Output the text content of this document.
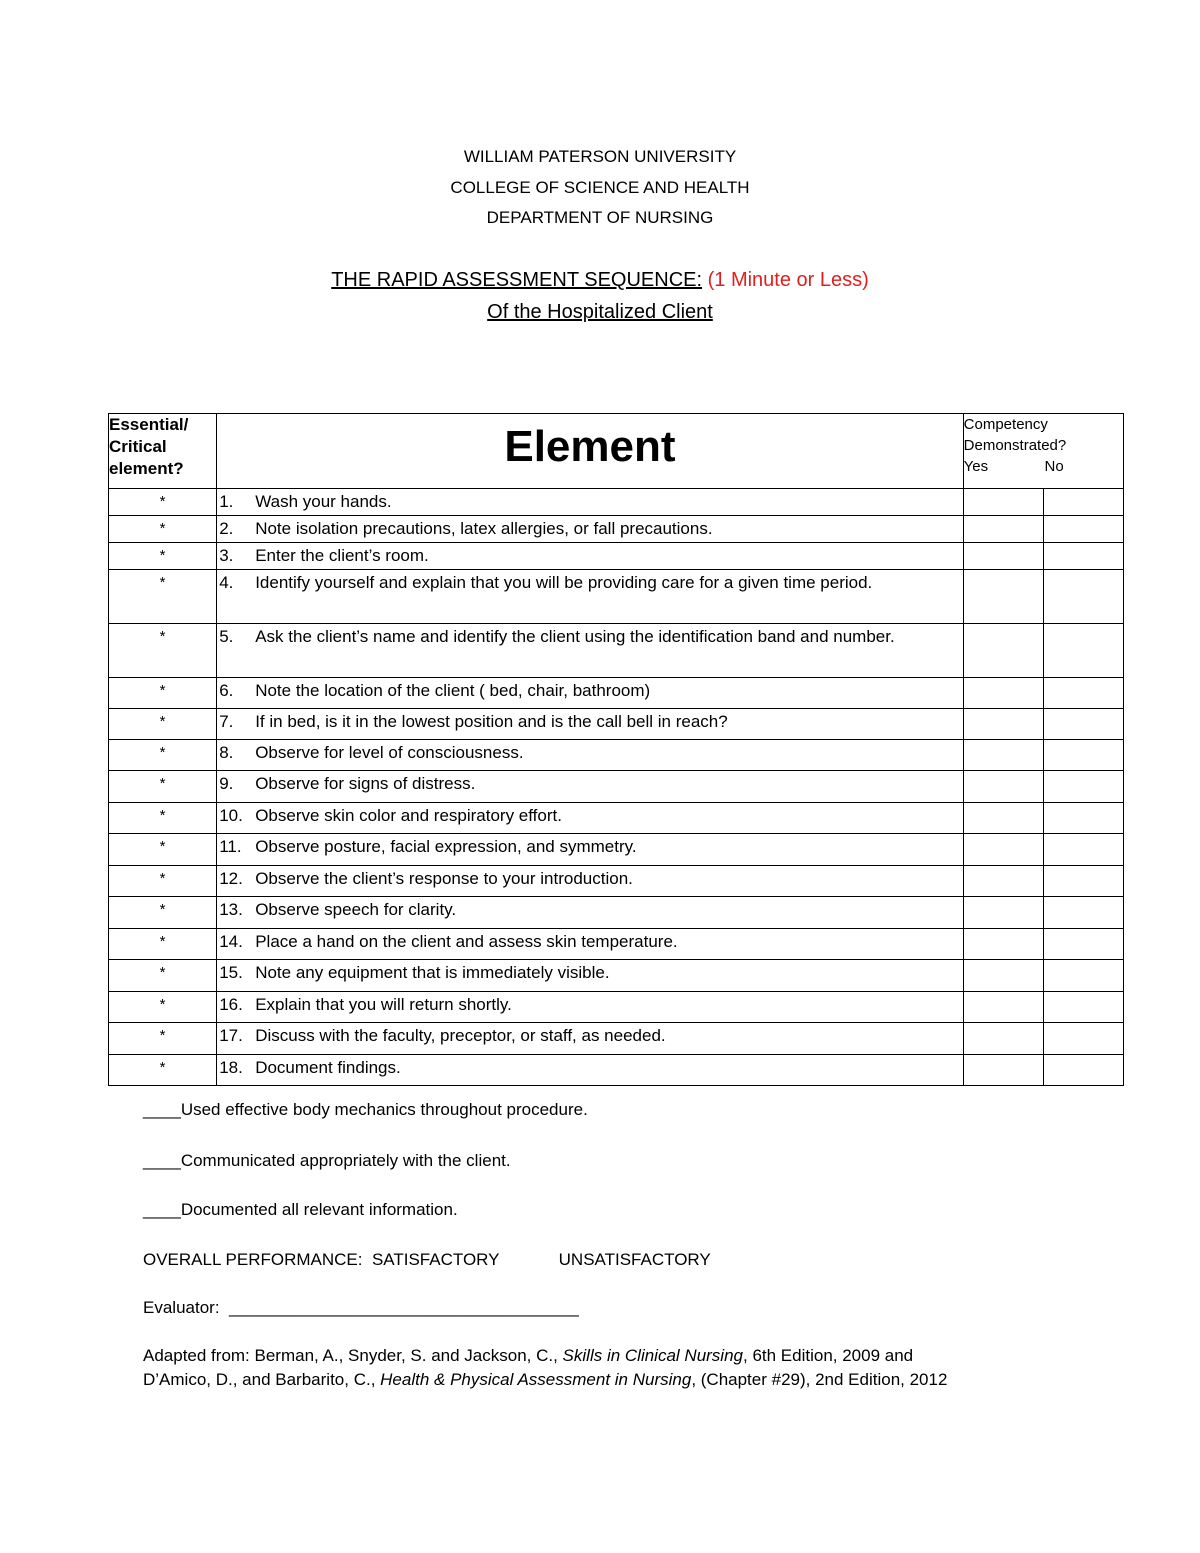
WILLIAM PATERSON UNIVERSITY

COLLEGE OF SCIENCE AND HEALTH

DEPARTMENT OF NURSING

THE RAPID ASSESSMENT SEQUENCE: (1 Minute or Less)

Of the Hospitalized Client

Essential/ Critical element?	Element	Competency Demonstrated?
Yes No	

*	1. Wash your hands.		
*	2. Note isolation precautions, latex allergies, or fall precautions.		
*	3. Enter the client’s room.		
*	4. Identify yourself and explain that you will be providing care for a given time period.		
*	5. Ask the client’s name and identify the client using the identification band and number.		
*	6. Note the location of the client ( bed, chair, bathroom)		
*	7. If in bed, is it in the lowest position and is the call bell in reach?		
*	8. Observe for level of consciousness.		
*	9. Observe for signs of distress.		
*	10. Observe skin color and respiratory effort.		
*	11. Observe posture, facial expression, and symmetry.		
*	12. Observe the client’s response to your introduction.		
*	13. Observe speech for clarity.		
*	14. Place a hand on the client and assess skin temperature.		
*	15. Note any equipment that is immediately visible.		
*	16. Explain that you will return shortly.		
*	17. Discuss with the faculty, preceptor, or staff, as needed.		
*	18. Document findings.		

____Used effective body mechanics throughout procedure.

____Communicated appropriately with the client.

____Documented all relevant information.

OVERALL PERFORMANCE: SATISFACTORY	UNSATISFACTORY

Evaluator: _____________________________________

Adapted from: Berman, A., Snyder, S. and Jackson, C., Skills in Clinical Nursing, 6th Edition, 2009 and

D’Amico, D., and Barbarito, C., Health & Physical Assessment in Nursing, (Chapter #29), 2nd Edition, 2012
